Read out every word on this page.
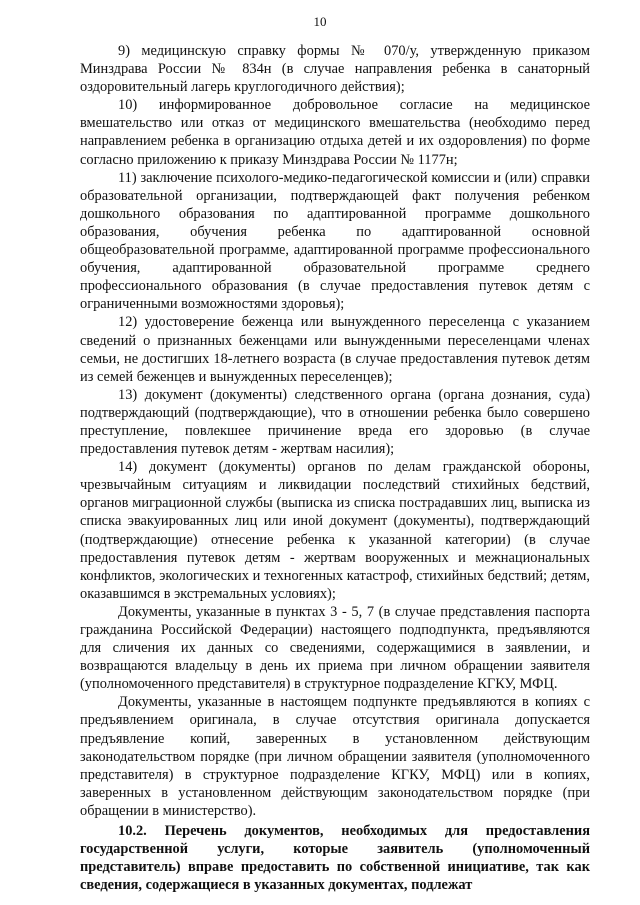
10

9) медицинскую справку формы № 070/у, утвержденную приказом Минздрава России № 834н (в случае направления ребенка в санаторный оздоровительный лагерь круглогодичного действия);

10) информированное добровольное согласие на медицинское вмешательство или отказ от медицинского вмешательства (необходимо перед направлением ребенка в организацию отдыха детей и их оздоровления) по форме согласно приложению к приказу Минздрава России № 1177н;

11) заключение психолого-медико-педагогической комиссии и (или) справки образовательной организации, подтверждающей факт получения ребенком дошкольного образования по адаптированной программе дошкольного образования, обучения ребенка по адаптированной основной общеобразовательной программе, адаптированной программе профессионального обучения, адаптированной образовательной программе среднего профессионального образования (в случае предоставления путевок детям с ограниченными возможностями здоровья);

12) удостоверение беженца или вынужденного переселенца с указанием сведений о признанных беженцами или вынужденными переселенцами членах семьи, не достигших 18-летнего возраста (в случае предоставления путевок детям из семей беженцев и вынужденных переселенцев);

13) документ (документы) следственного органа (органа дознания, суда) подтверждающий (подтверждающие), что в отношении ребенка было совершено преступление, повлекшее причинение вреда его здоровью (в случае предоставления путевок детям - жертвам насилия);

14) документ (документы) органов по делам гражданской обороны, чрезвычайным ситуациям и ликвидации последствий стихийных бедствий, органов миграционной службы (выписка из списка пострадавших лиц, выписка из списка эвакуированных лиц или иной документ (документы), подтверждающий (подтверждающие) отнесение ребенка к указанной категории) (в случае предоставления путевок детям - жертвам вооруженных и межнациональных конфликтов, экологических и техногенных катастроф, стихийных бедствий; детям, оказавшимся в экстремальных условиях);

Документы, указанные в пунктах 3 - 5, 7 (в случае представления паспорта гражданина Российской Федерации) настоящего подподпункта, предъявляются для сличения их данных со сведениями, содержащимися в заявлении, и возвращаются владельцу в день их приема при личном обращении заявителя (уполномоченного представителя) в структурное подразделение КГКУ, МФЦ.

Документы, указанные в настоящем подпункте предъявляются в копиях с предъявлением оригинала, в случае отсутствия оригинала допускается предъявление копий, заверенных в установленном действующим законодательством порядке (при личном обращении заявителя (уполномоченного представителя) в структурное подразделение КГКУ, МФЦ) или в копиях, заверенных в установленном действующим законодательством порядке (при обращении в министерство).

10.2. Перечень документов, необходимых для предоставления государственной услуги, которые заявитель (уполномоченный представитель) вправе предоставить по собственной инициативе, так как сведения, содержащиеся в указанных документах, подлежат
